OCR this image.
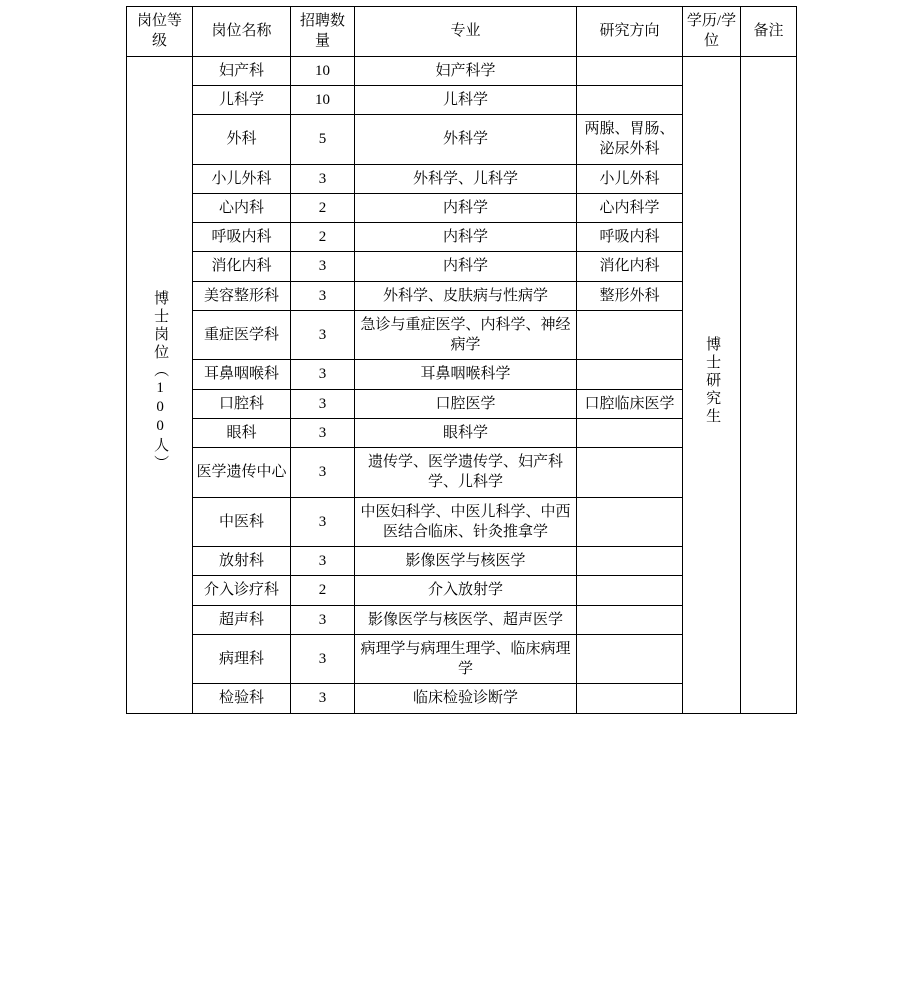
岗位等级	岗位名称	招聘数量	专业	研究方向	学历/学位	备注
博士岗位（100人）	妇产科	10	妇产科学		博士研究生	
	儿科学	10	儿科学			
	外科	5	外科学	两腺、胃肠、泌尿外科		
	小儿外科	3	外科学、儿科学	小儿外科		
	心内科	2	内科学	心内科学		
	呼吸内科	2	内科学	呼吸内科		
	消化内科	3	内科学	消化内科		
	美容整形科	3	外科学、皮肤病与性病学	整形外科		
	重症医学科	3	急诊与重症医学、内科学、神经病学			
	耳鼻咽喉科	3	耳鼻咽喉科学			
	口腔科	3	口腔医学	口腔临床医学		
	眼科	3	眼科学			
	医学遗传中心	3	遗传学、医学遗传学、妇产科学、儿科学			
	中医科	3	中医妇科学、中医儿科学、中西医结合临床、针灸推拿学			
	放射科	3	影像医学与核医学			
	介入诊疗科	2	介入放射学			
	超声科	3	影像医学与核医学、超声医学			
	病理科	3	病理学与病理生理学、临床病理学			
	检验科	3	临床检验诊断学			
